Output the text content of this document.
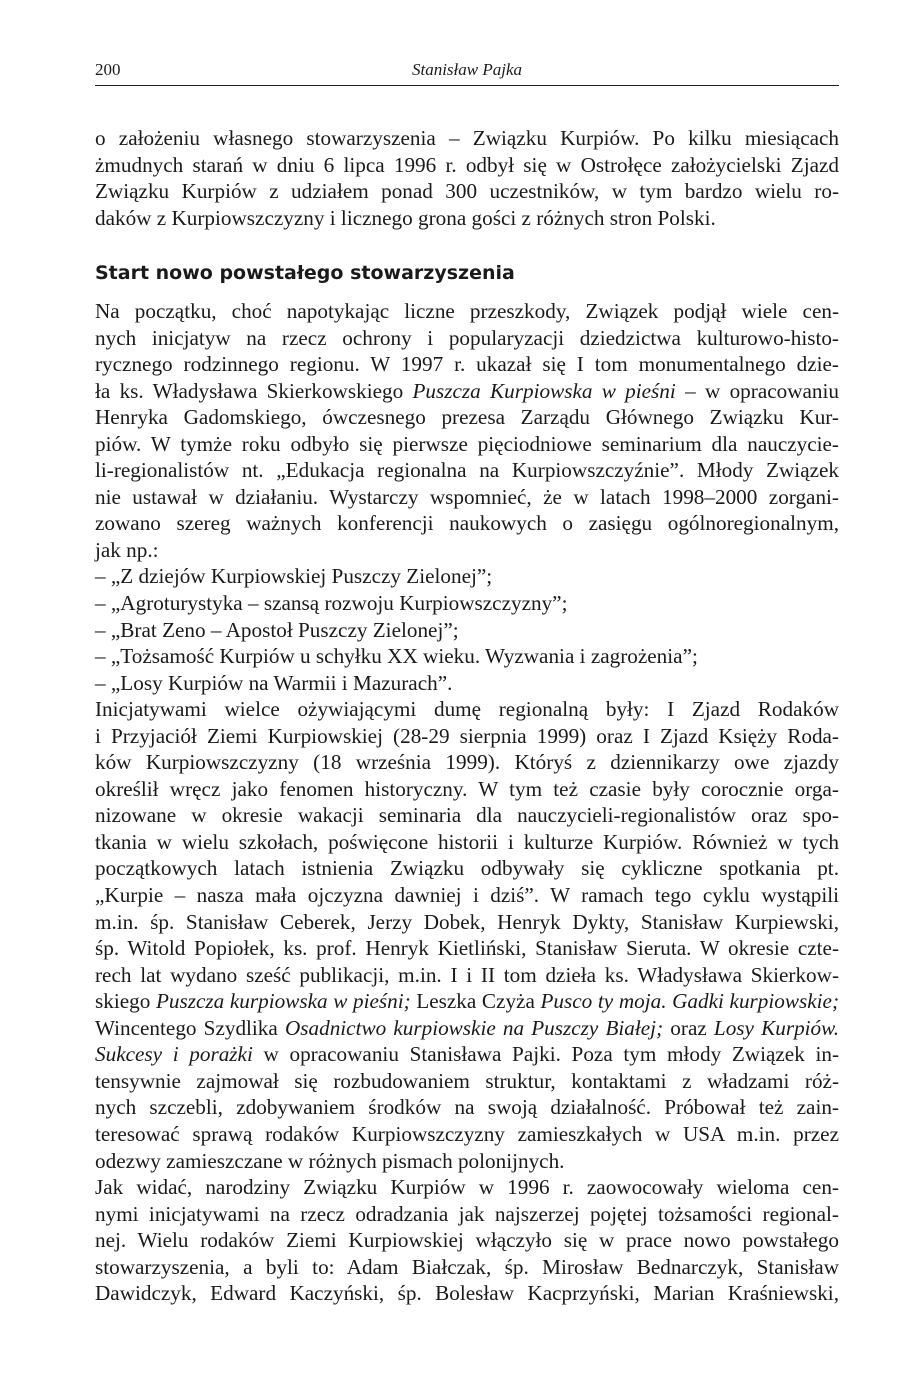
200	Stanisław Pajka
o założeniu własnego stowarzyszenia – Związku Kurpiów. Po kilku miesiącach
żmudnych starań w dniu 6 lipca 1996 r. odbył się w Ostrołęce założycielski Zjazd
Związku Kurpiów z udziałem ponad 300 uczestników, w tym bardzo wielu ro-
daków z Kurpiowszczyzny i licznego grona gości z różnych stron Polski.
Start nowo powstałego stowarzyszenia
Na początku, choć napotykając liczne przeszkody, Związek podjął wiele cen-
nych inicjatyw na rzecz ochrony i popularyzacji dziedzictwa kulturowo-histo-
rycznego rodzinnego regionu. W 1997 r. ukazał się I tom monumentalnego dzie-
ła ks. Władysława Skierkowskiego Puszcza Kurpiowska w pieśni – w opracowaniu
Henryka Gadomskiego, ówczesnego prezesa Zarządu Głównego Związku Kur-
piów. W tymże roku odbyło się pierwsze pięciodniowe seminarium dla nauczycie-
li-regionalistów nt. „Edukacja regionalna na Kurpiowszczyźnie”. Młody Związek
nie ustawał w działaniu. Wystarczy wspomnieć, że w latach 1998–2000 zorgani-
zowano szereg ważnych konferencji naukowych o zasięgu ogólnoregionalnym,
jak np.:
– „Z dziejów Kurpiowskiej Puszczy Zielonej”;
– „Agroturystyka – szansą rozwoju Kurpiowszczyzny”;
– „Brat Zeno – Apostoł Puszczy Zielonej”;
– „Tożsamość Kurpiów u schyłku XX wieku. Wyzwania i zagrożenia”;
– „Losy Kurpiów na Warmii i Mazurach”.
Inicjatywami wielce ożywiającymi dumę regionalną były: I Zjazd Rodaków
i Przyjaciół Ziemi Kurpiowskiej (28-29 sierpnia 1999) oraz I Zjazd Księży Roda-
ków Kurpiowszczyzny (18 września 1999). Któryś z dziennikarzy owe zjazdy
określił wręcz jako fenomen historyczny. W tym też czasie były corocznie orga-
nizowane w okresie wakacji seminaria dla nauczycieli-regionalistów oraz spo-
tkania w wielu szkołach, poświęcone historii i kulturze Kurpiów. Również w tych
początkowych latach istnienia Związku odbywały się cykliczne spotkania pt.
„Kurpie – nasza mała ojczyzna dawniej i dziś”. W ramach tego cyklu wystąpili
m.in. śp. Stanisław Ceberek, Jerzy Dobek, Henryk Dykty, Stanisław Kurpiewski,
śp. Witold Popiołek, ks. prof. Henryk Kietliński, Stanisław Sieruta. W okresie czte-
rech lat wydano sześć publikacji, m.in. I i II tom dzieła ks. Władysława Skierkow-
skiego Puszcza kurpiowska w pieśni; Leszka Czyża Pusco ty moja. Gadki kurpiowskie;
Wincentego Szydlika Osadnictwo kurpiowskie na Puszczy Białej; oraz Losy Kurpiów.
Sukcesy i porażki w opracowaniu Stanisława Pajki. Poza tym młody Związek in-
tensywnie zajmował się rozbudowaniem struktur, kontaktami z władzami róż-
nych szczebli, zdobywaniem środków na swoją działalność. Próbował też zain-
teresować sprawą rodaków Kurpiowszczyzny zamieszkałych w USA m.in. przez
odezwy zamieszczane w różnych pismach polonijnych.
Jak widać, narodziny Związku Kurpiów w 1996 r. zaowocowały wieloma cen-
nymi inicjatywami na rzecz odradzania jak najszerzej pojętej tożsamości regional-
nej. Wielu rodaków Ziemi Kurpiowskiej włączyło się w prace nowo powstałego
stowarzyszenia, a byli to: Adam Białczak, śp. Mirosław Bednarczyk, Stanisław
Dawidczyk, Edward Kaczyński, śp. Bolesław Kacprzyński, Marian Kraśniewski,
